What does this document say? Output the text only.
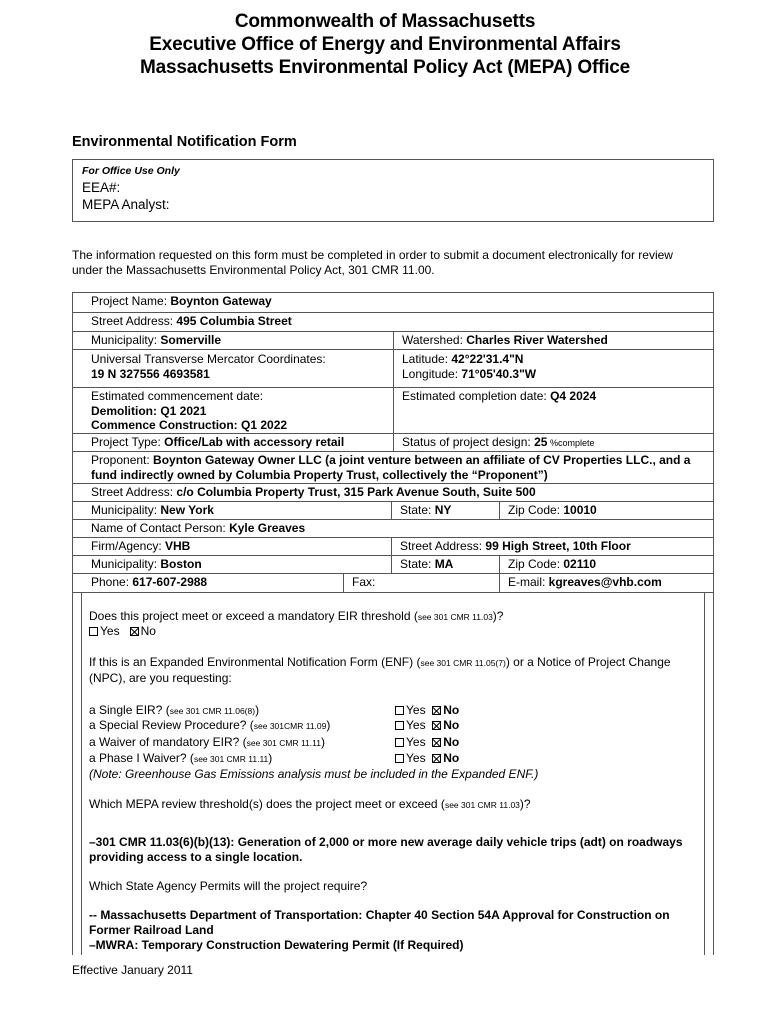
Commonwealth of Massachusetts
Executive Office of Energy and Environmental Affairs
Massachusetts Environmental Policy Act (MEPA) Office
Environmental Notification Form
For Office Use Only
EEA#:
MEPA Analyst:
The information requested on this form must be completed in order to submit a document electronically for review under the Massachusetts Environmental Policy Act, 301 CMR 11.00.
Project Name: Boynton Gateway
Street Address: 495 Columbia Street
Municipality: Somerville	Watershed: Charles River Watershed
Universal Transverse Mercator Coordinates:
19 N 327556 4693581
Latitude: 42°22'31.4"N
Longitude: 71°05'40.3"W
Estimated commencement date:
Demolition: Q1 2021
Commence Construction: Q1 2022
Estimated completion date: Q4 2024
Project Type: Office/Lab with accessory retail	Status of project design: 25 %complete
Proponent: Boynton Gateway Owner LLC (a joint venture between an affiliate of CV Properties LLC., and a fund indirectly owned by Columbia Property Trust, collectively the “Proponent”)
Street Address: c/o Columbia Property Trust, 315 Park Avenue South, Suite 500
Municipality: New York	State: NY	Zip Code: 10010
Name of Contact Person: Kyle Greaves
Firm/Agency: VHB	Street Address: 99 High Street, 10th Floor
Municipality: Boston	State: MA	Zip Code: 02110
Phone: 617-607-2988	Fax:	E-mail: kgreaves@vhb.com
Does this project meet or exceed a mandatory EIR threshold (see 301 CMR 11.03)?
Yes No
If this is an Expanded Environmental Notification Form (ENF) (see 301 CMR 11.05(7)) or a Notice of Project Change (NPC), are you requesting:
a Single EIR? (see 301 CMR 11.06(8))	Yes No
a Special Review Procedure? (see 301CMR 11.09)	Yes No
a Waiver of mandatory EIR? (see 301 CMR 11.11)	Yes No
a Phase I Waiver? (see 301 CMR 11.11)	Yes No
(Note: Greenhouse Gas Emissions analysis must be included in the Expanded ENF.)
Which MEPA review threshold(s) does the project meet or exceed (see 301 CMR 11.03)?
–301 CMR 11.03(6)(b)(13): Generation of 2,000 or more new average daily vehicle trips (adt) on roadways providing access to a single location.
Which State Agency Permits will the project require?
-- Massachusetts Department of Transportation: Chapter 40 Section 54A Approval for Construction on Former Railroad Land
–MWRA: Temporary Construction Dewatering Permit (If Required)
Effective January 2011
